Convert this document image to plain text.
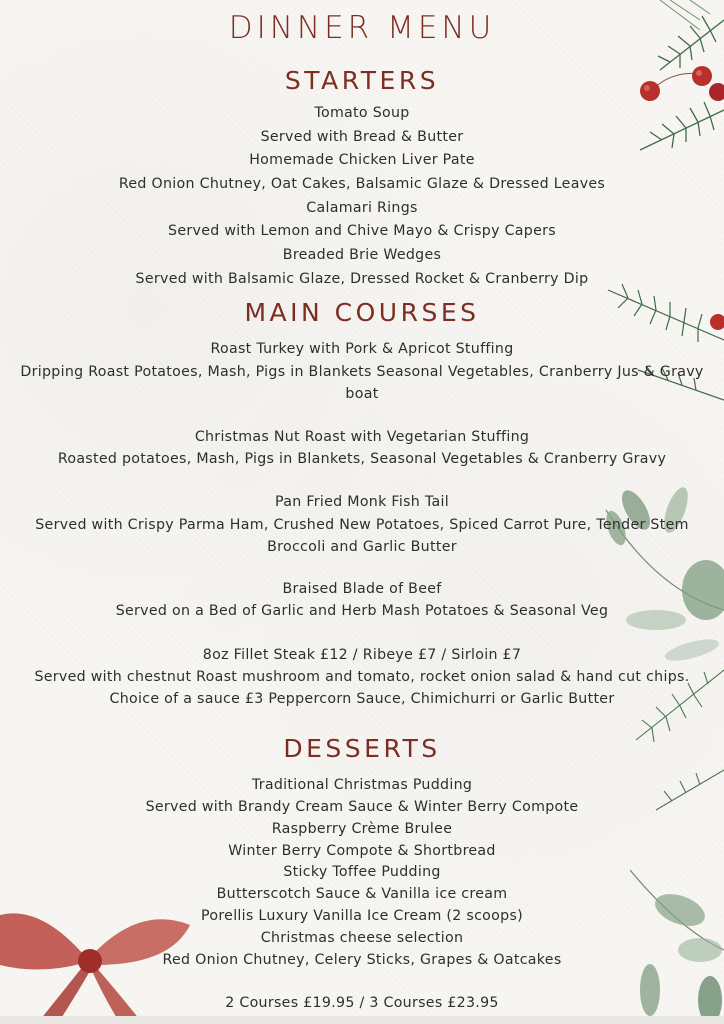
DINNER MENU
STARTERS
Tomato Soup
Served with Bread & Butter
Homemade Chicken Liver Pate
Red Onion Chutney, Oat Cakes, Balsamic Glaze & Dressed Leaves
Calamari Rings
Served with Lemon and Chive Mayo & Crispy Capers
Breaded Brie Wedges
Served with Balsamic Glaze, Dressed Rocket & Cranberry Dip
MAIN COURSES
Roast Turkey with Pork & Apricot Stuffing
Dripping Roast Potatoes, Mash, Pigs in Blankets Seasonal Vegetables, Cranberry Jus & Gravy boat
Christmas Nut Roast with Vegetarian Stuffing
Roasted potatoes, Mash, Pigs in Blankets, Seasonal Vegetables & Cranberry Gravy
Pan Fried Monk Fish Tail
Served with Crispy Parma Ham, Crushed New Potatoes, Spiced Carrot Pure, Tender Stem Broccoli and Garlic Butter
Braised Blade of Beef
Served on a Bed of Garlic and Herb Mash Potatoes & Seasonal Veg
8oz Fillet Steak £12 / Ribeye £7 / Sirloin £7
Served with chestnut Roast mushroom and tomato, rocket onion salad & hand cut chips.
Choice of a sauce £3 Peppercorn Sauce, Chimichurri or Garlic Butter
DESSERTS
Traditional Christmas Pudding
Served with Brandy Cream Sauce & Winter Berry Compote
Raspberry Crème Brulee
Winter Berry Compote & Shortbread
Sticky Toffee Pudding
Butterscotch Sauce & Vanilla ice cream
Porellis Luxury Vanilla Ice Cream (2 scoops)
Christmas cheese selection
Red Onion Chutney, Celery Sticks, Grapes & Oatcakes
2 Courses £19.95 / 3 Courses £23.95
